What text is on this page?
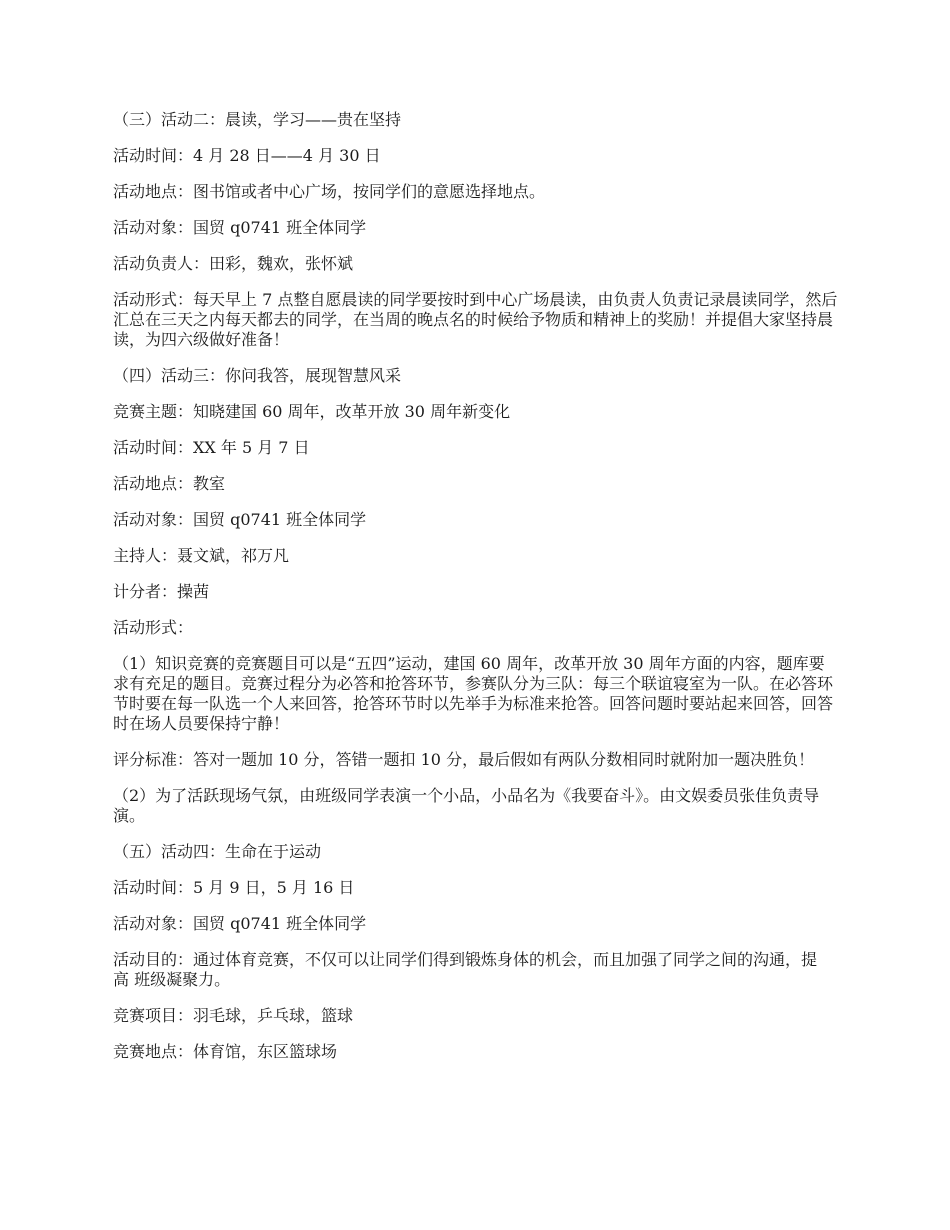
（三）活动二：晨读，学习——贵在坚持

活动时间：4 月 28 日——4 月 30 日

活动地点：图书馆或者中心广场，按同学们的意愿选择地点。

活动对象：国贸 q0741 班全体同学

活动负责人：田彩，魏欢，张怀斌

活动形式：每天早上 7 点整自愿晨读的同学要按时到中心广场晨读，由负责人负责记录晨读同学，然后汇总在三天之内每天都去的同学，在当周的晚点名的时候给予物质和精神上的奖励！并提倡大家坚持晨读，为四六级做好准备！

（四）活动三：你问我答，展现智慧风采

竞赛主题：知晓建国 60 周年，改革开放 30 周年新变化

活动时间：XX 年 5 月 7 日

活动地点：教室

活动对象：国贸 q0741 班全体同学

主持人：聂文斌，祁万凡

计分者：操茜

活动形式：

（1）知识竞赛的竞赛题目可以是“五四”运动，建国 60 周年，改革开放 30 周年方面的内容，题库要求有充足的题目。竞赛过程分为必答和抢答环节，参赛队分为三队：每三个联谊寝室为一队。在必答环节时要在每一队选一个人来回答，抢答环节时以先举手为标准来抢答。回答问题时要站起来回答，回答时在场人员要保持宁静！

评分标准：答对一题加 10 分，答错一题扣 10 分，最后假如有两队分数相同时就附加一题决胜负！

（2）为了活跃现场气氛，由班级同学表演一个小品，小品名为《我要奋斗》。由文娱委员张佳负责导演。

（五）活动四：生命在于运动

活动时间：5 月 9 日，5 月 16 日

活动对象：国贸 q0741 班全体同学

活动目的：通过体育竞赛，不仅可以让同学们得到锻炼身体的机会，而且加强了同学之间的沟通，提 高 班级凝聚力。

竞赛项目：羽毛球，乒乓球，篮球

竞赛地点：体育馆，东区篮球场
